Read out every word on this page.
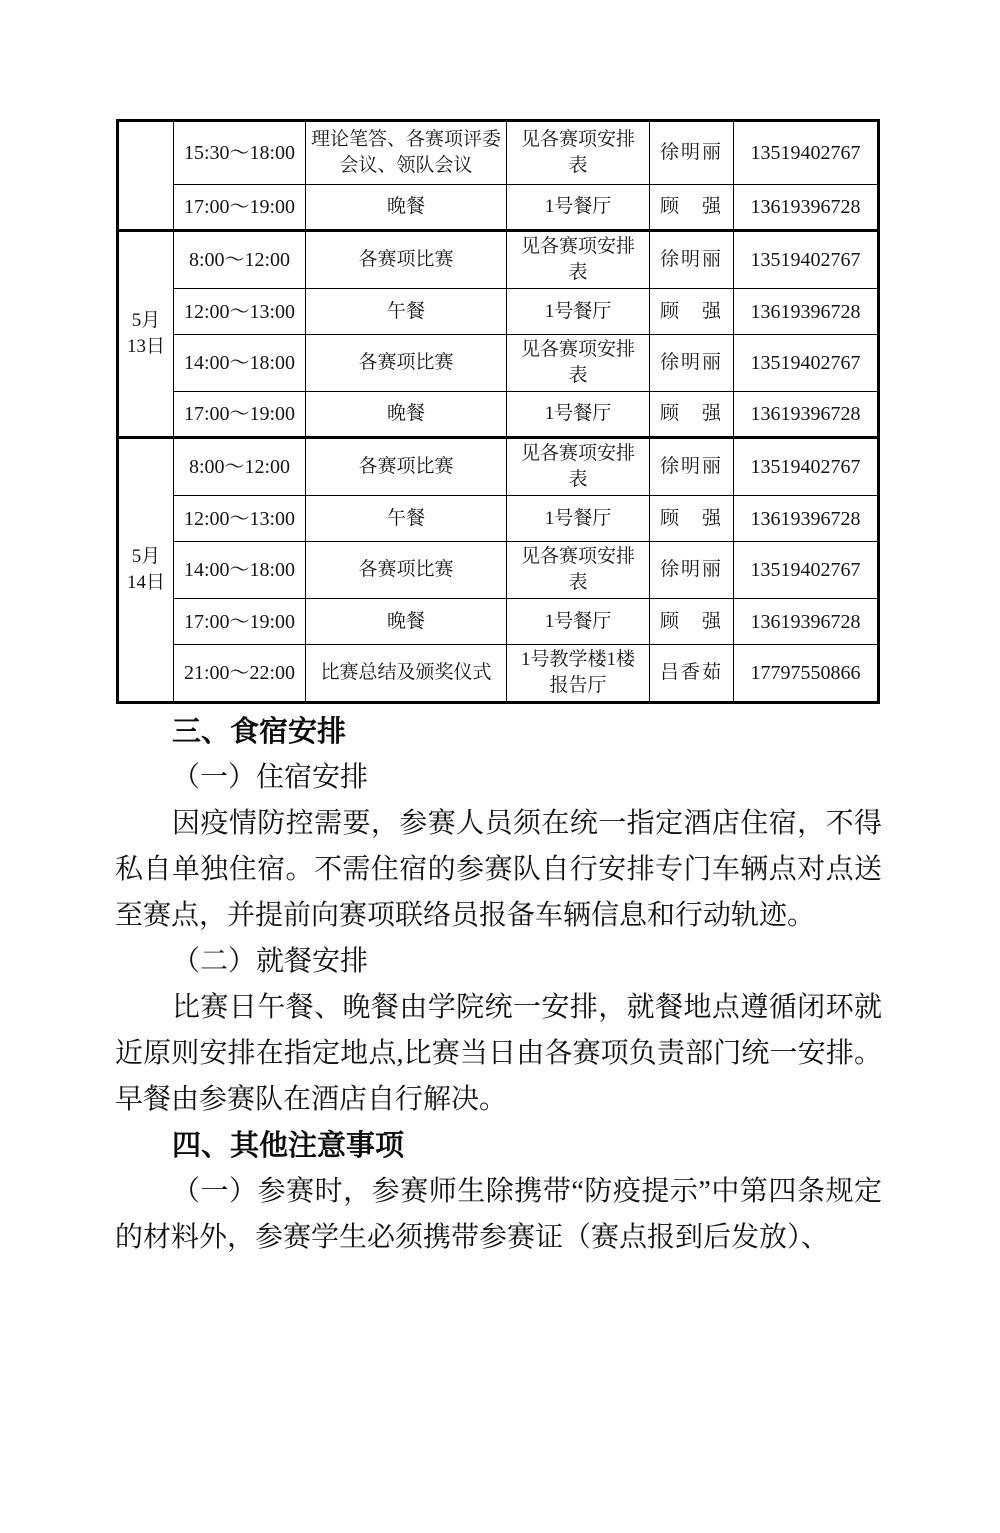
	15:30～18:00	理论笔答、各赛项评委会议、领队会议	见各赛项安排表	徐明丽	13519402767
	17:00～19:00	晚餐	1号餐厅	顾　强	13619396728

5月
13日	8:00～12:00	各赛项比赛	见各赛项安排表	徐明丽	13519402767
	12:00～13:00	午餐	1号餐厅	顾　强	13619396728
	14:00～18:00	各赛项比赛	见各赛项安排表	徐明丽	13519402767
	17:00～19:00	晚餐	1号餐厅	顾　强	13619396728

5月
14日	8:00～12:00	各赛项比赛	见各赛项安排表	徐明丽	13519402767
	12:00～13:00	午餐	1号餐厅	顾　强	13619396728
	14:00～18:00	各赛项比赛	见各赛项安排表	徐明丽	13519402767
	17:00～19:00	晚餐	1号餐厅	顾　强	13619396728
	21:00～22:00	比赛总结及颁奖仪式	1号教学楼1楼报告厅	吕香茹	17797550866
三、食宿安排
（一）住宿安排

因疫情防控需要，参赛人员须在统一指定酒店住宿，不得私自单独住宿。不需住宿的参赛队自行安排专门车辆点对点送至赛点，并提前向赛项联络员报备车辆信息和行动轨迹。

（二）就餐安排

比赛日午餐、晚餐由学院统一安排，就餐地点遵循闭环就近原则安排在指定地点,比赛当日由各赛项负责部门统一安排。早餐由参赛队在酒店自行解决。

四、其他注意事项

（一）参赛时，参赛师生除携带“防疫提示”中第四条规定的材料外，参赛学生必须携带参赛证（赛点报到后发放）、
